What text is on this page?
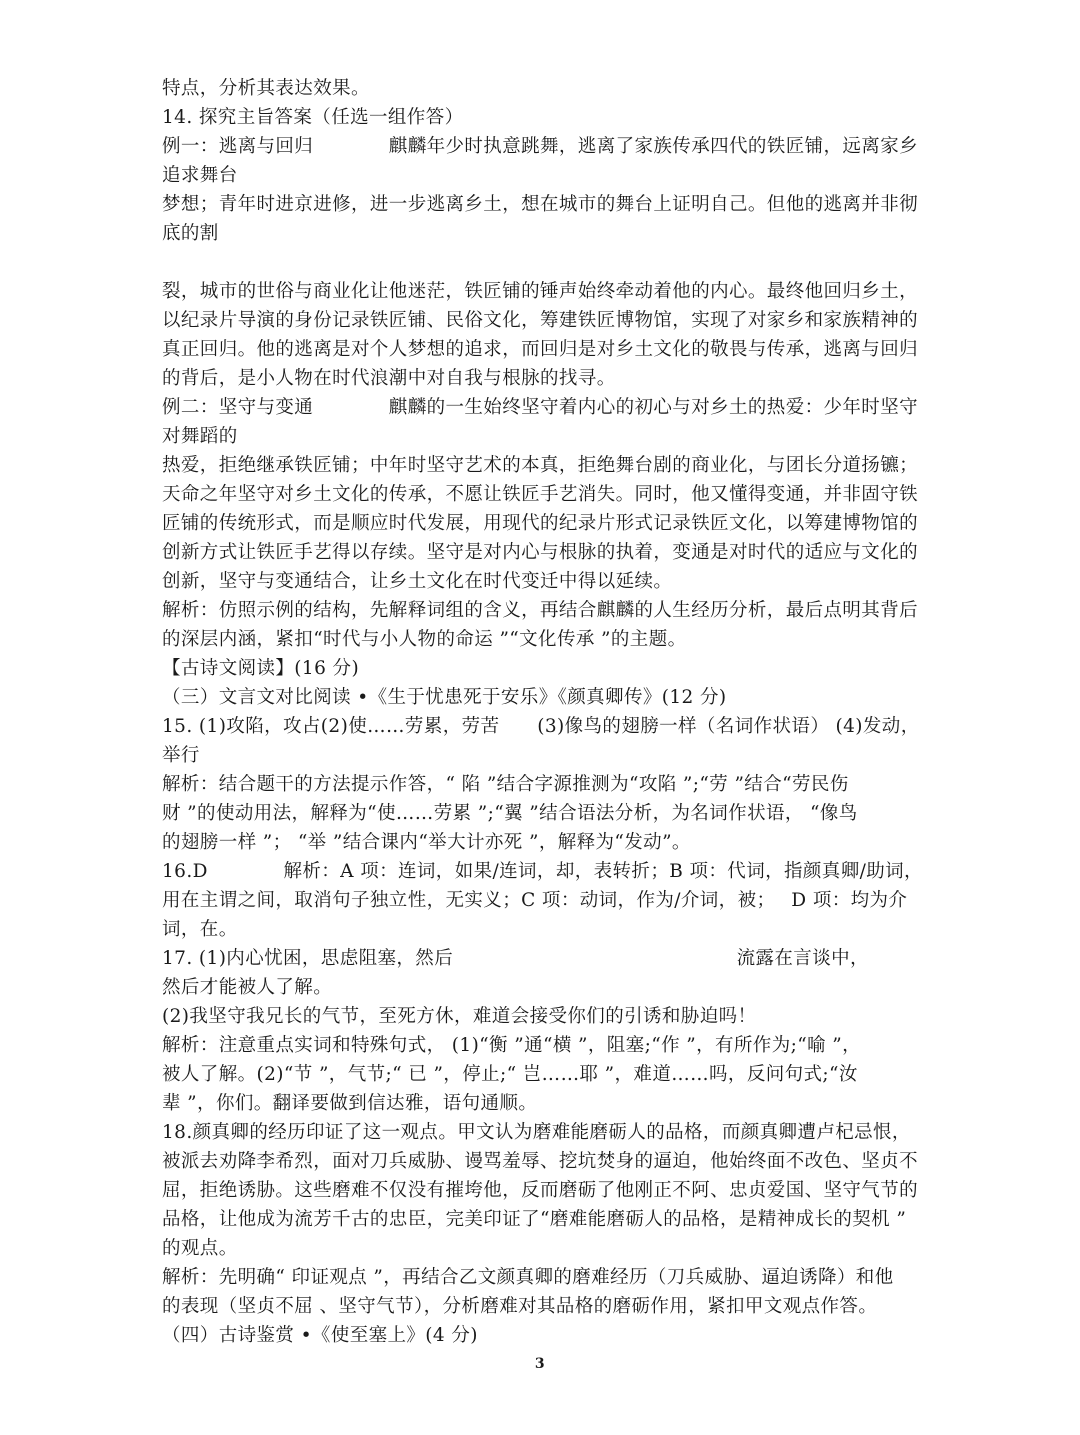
特点，分析其表达效果。

14. 探究主旨答案（任选一组作答）

例一：逃离与回归　　　　麒麟年少时执意跳舞，逃离了家族传承四代的铁匠铺，远离家乡

追求舞台

梦想；青年时进京进修，进一步逃离乡土，想在城市的舞台上证明自己。但他的逃离并非彻

底的割

裂，城市的世俗与商业化让他迷茫，铁匠铺的锤声始终牵动着他的内心。最终他回归乡土，

以纪录片导演的身份记录铁匠铺、民俗文化，筹建铁匠博物馆，实现了对家乡和家族精神的

真正回归。他的逃离是对个人梦想的追求，而回归是对乡土文化的敬畏与传承，逃离与回归

的背后，是小人物在时代浪潮中对自我与根脉的找寻。

例二：坚守与变通　　　　麒麟的一生始终坚守着内心的初心与对乡土的热爱：少年时坚守

对舞蹈的

热爱，拒绝继承铁匠铺；中年时坚守艺术的本真，拒绝舞台剧的商业化，与团长分道扬镳；

天命之年坚守对乡土文化的传承，不愿让铁匠手艺消失。同时，他又懂得变通，并非固守铁

匠铺的传统形式，而是顺应时代发展，用现代的纪录片形式记录铁匠文化，以筹建博物馆的

创新方式让铁匠手艺得以存续。坚守是对内心与根脉的执着，变通是对时代的适应与文化的

创新，坚守与变通结合，让乡土文化在时代变迁中得以延续。

解析：仿照示例的结构，先解释词组的含义，再结合麒麟的人生经历分析，最后点明其背后

的深层内涵，紧扣“时代与小人物的命运 ”“文化传承 ”的主题。

【古诗文阅读】(16 分)

（三）文言文对比阅读 •《生于忧患死于安乐》《颜真卿传》(12 分)

15. (1)攻陷，攻占(2)使……劳累，劳苦　　(3)像鸟的翅膀一样（名词作状语） (4)发动，

举行

解析：结合题干的方法提示作答，“ 陷 ”结合字源推测为“攻陷 ”;“劳 ”结合“劳民伤

财 ”的使动用法，解释为“使……劳累 ”;“翼 ”结合语法分析，为名词作状语， “像鸟

的翅膀一样 ”； “举 ”结合课内“举大计亦死 ”，解释为“发动”。

16.D　　　　解析：A 项：连词，如果/连词，却，表转折；B 项：代词，指颜真卿/助词，

用在主谓之间，取消句子独立性，无实义；C 项：动词，作为/介词，被；　 D 项：均为介

词，在。

17. (1)内心忧困，思虑阻塞，然后　　　　　　　　　　　　　　　流露在言谈中，

然后才能被人了解。

(2)我坚守我兄长的气节，至死方休，难道会接受你们的引诱和胁迫吗！

解析：注意重点实词和特殊句式， (1)“衡 ”通“横 ”，阻塞;“作 ”，有所作为;“喻 ”，

被人了解。(2)“节 ”，气节;“ 已 ”，停止;“ 岂……耶 ”，难道……吗，反问句式;“汝

辈 ”，你们。翻译要做到信达雅，语句通顺。

18.颜真卿的经历印证了这一观点。甲文认为磨难能磨砺人的品格，而颜真卿遭卢杞忌恨，

被派去劝降李希烈，面对刀兵威胁、谩骂羞辱、挖坑焚身的逼迫，他始终面不改色、坚贞不

屈，拒绝诱胁。这些磨难不仅没有摧垮他，反而磨砺了他刚正不阿、忠贞爱国、坚守气节的

品格，让他成为流芳千古的忠臣，完美印证了“磨难能磨砺人的品格，是精神成长的契机 ”

的观点。

解析：先明确“ 印证观点 ”，再结合乙文颜真卿的磨难经历（刀兵威胁、逼迫诱降）和他

的表现（坚贞不屈 、坚守气节），分析磨难对其品格的磨砺作用，紧扣甲文观点作答。

（四）古诗鉴赏 •《使至塞上》(4 分)

3
